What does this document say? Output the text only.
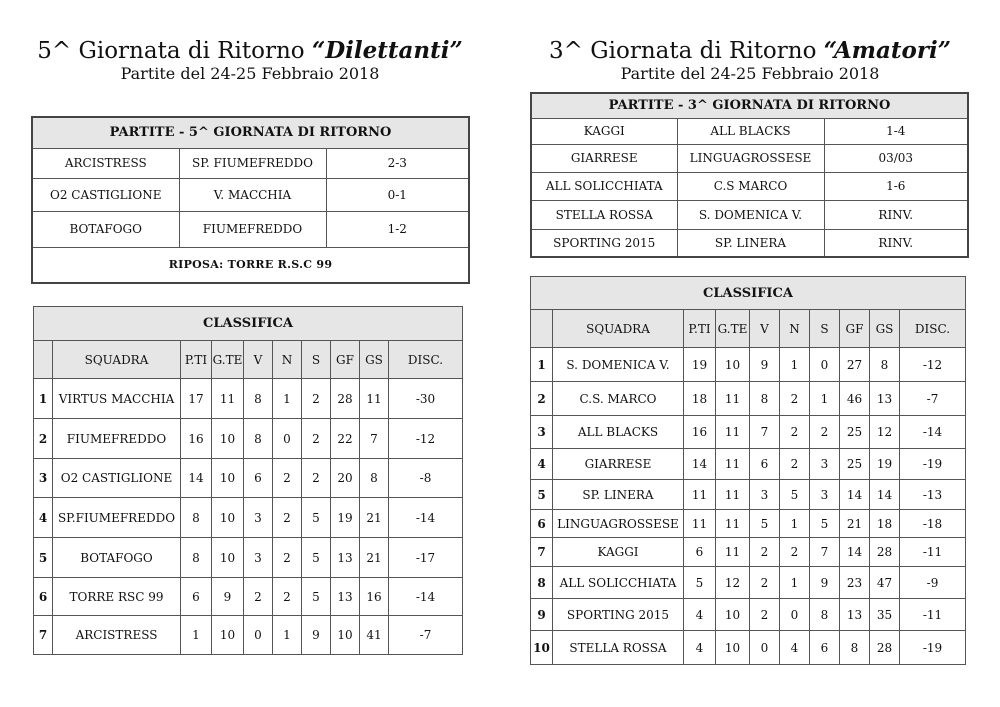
5^ Giornata di Ritorno “Dilettanti”
Partite del 24-25 Febbraio 2018
3^ Giornata di Ritorno “Amatori”
Partite del 24-25 Febbraio 2018
PARTITE - 5^ GIORNATA DI RITORNO		
ARCISTRESS	SP. FIUMEFREDDO	2-3
O2 CASTIGLIONE	V. MACCHIA	0-1
BOTAFOGO	FIUMEFREDDO	1-2
RIPOSA: TORRE R.S.C 99		
CLASSIFICA									
	SQUADRA	P.TI	G.TE	V	N	S	GF	GS	DISC.
1	VIRTUS MACCHIA	17	11	8	1	2	28	11	-30
2	FIUMEFREDDO	16	10	8	0	2	22	7	-12
3	O2 CASTIGLIONE	14	10	6	2	2	20	8	-8
4	SP.FIUMEFREDDO	8	10	3	2	5	19	21	-14
5	BOTAFOGO	8	10	3	2	5	13	21	-17
6	TORRE RSC 99	6	9	2	2	5	13	16	-14
7	ARCISTRESS	1	10	0	1	9	10	41	-7
PARTITE - 3^ GIORNATA DI RITORNO		
KAGGI	ALL BLACKS	1-4
GIARRESE	LINGUAGROSSESE	03/03
ALL SOLICCHIATA	C.S MARCO	1-6
STELLA ROSSA	S. DOMENICA V.	RINV.
SPORTING 2015	SP. LINERA	RINV.
CLASSIFICA									
	SQUADRA	P.TI	G.TE	V	N	S	GF	GS	DISC.
1	S. DOMENICA V.	19	10	9	1	0	27	8	-12
2	C.S. MARCO	18	11	8	2	1	46	13	-7
3	ALL BLACKS	16	11	7	2	2	25	12	-14
4	GIARRESE	14	11	6	2	3	25	19	-19
5	SP. LINERA	11	11	3	5	3	14	14	-13
6	LINGUAGROSSESE	11	11	5	1	5	21	18	-18
7	KAGGI	6	11	2	2	7	14	28	-11
8	ALL SOLICCHIATA	5	12	2	1	9	23	47	-9
9	SPORTING 2015	4	10	2	0	8	13	35	-11
10	STELLA ROSSA	4	10	0	4	6	8	28	-19
